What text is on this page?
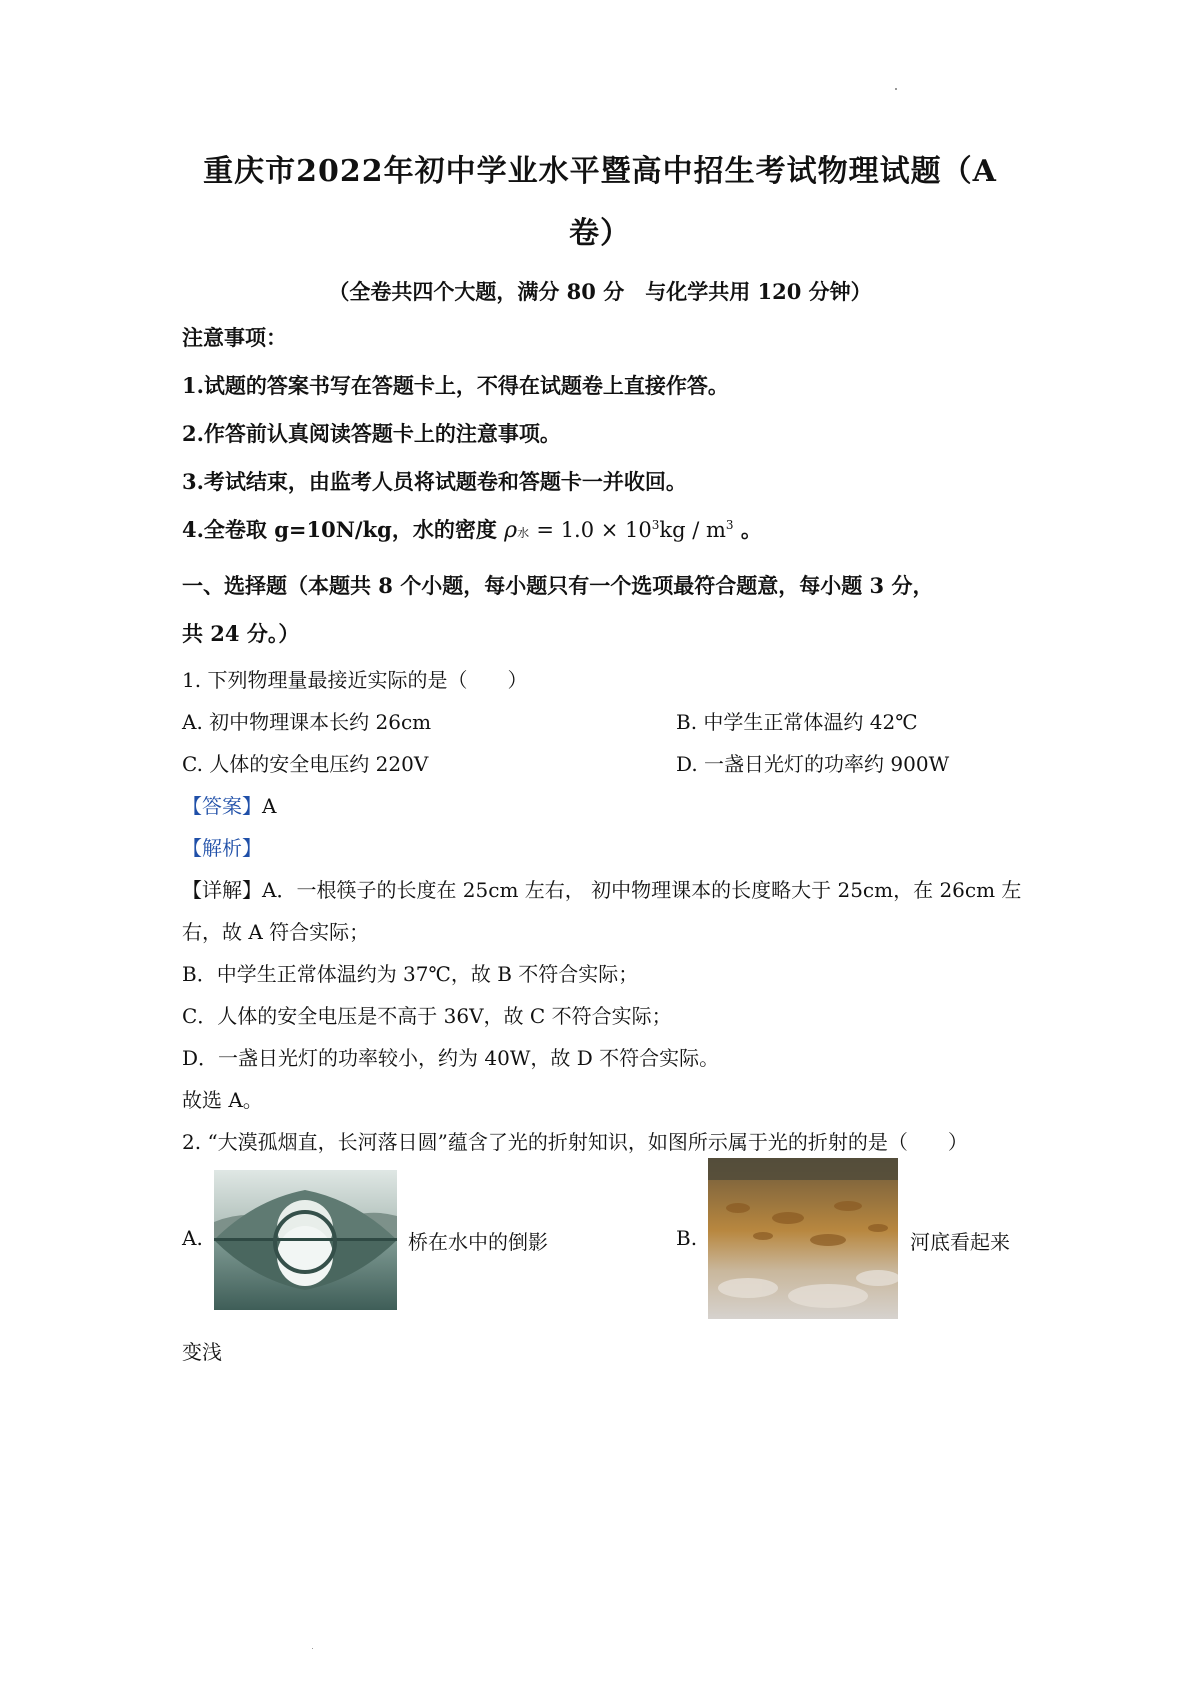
重庆市2022年初中学业水平暨高中招生考试物理试题（A
卷）
（全卷共四个大题，满分 80 分　与化学共用 120 分钟）
注意事项：
1.试题的答案书写在答题卡上，不得在试题卷上直接作答。
2.作答前认真阅读答题卡上的注意事项。
3.考试结束，由监考人员将试题卷和答题卡一并收回。
4.全卷取 g=10N/kg，水的密度 ρ水 = $1.0 \times 10^3kg / m^3$ 。
一、选择题（本题共 8 个小题，每小题只有一个选项最符合题意，每小题 3 分，
共 24 分。）
1. 下列物理量最接近实际的是（　　）
A. 初中物理课本长约 26cm	B. 中学生正常体温约 42℃
C. 人体的安全电压约 220V	D. 一盏日光灯的功率约 900W
【答案】A
【解析】
【详解】A．一根筷子的长度在 25cm 左右， 初中物理课本的长度略大于 25cm，在 26cm 左
右，故 A 符合实际；
B．中学生正常体温约为 37℃，故 B 不符合实际；
C．人体的安全电压是不高于 36V，故 C 不符合实际；
D．一盏日光灯的功率较小，约为 40W，故 D 不符合实际。
故选 A。
2. “大漠孤烟直，长河落日圆”蕴含了光的折射知识，如图所示属于光的折射的是（　　）
A.	桥在水中的倒影	B.	河底看起来
变浅
